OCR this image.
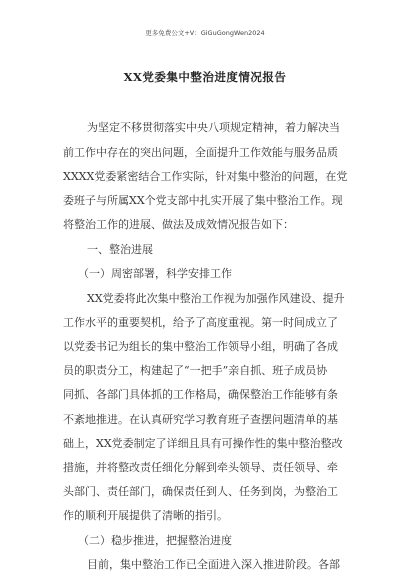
更多免费公文+V：GiGuGongWen2024
XX党委集中整治进度情况报告
为坚定不移贯彻落实中央八项规定精神，着力解决当
前工作中存在的突出问题，全面提升工作效能与服务品质
XXXX党委紧密结合工作实际，针对集中整治的问题，在党
委班子与所属XX个党支部中扎实开展了集中整治工作。现
将整治工作的进展、做法及成效情况报告如下：
一、整治进展
（一）周密部署，科学安排工作
XX党委将此次集中整治工作视为加强作风建设、提升
工作水平的重要契机，给予了高度重视。第一时间成立了
以党委书记为组长的集中整治工作领导小组，明确了各成
员的职责分工，构建起了“一把手”亲自抓、班子成员协
同抓、各部门具体抓的工作格局，确保整治工作能够有条
不紊地推进。在认真研究学习教育班子查摆问题清单的基
础上，XX党委制定了详细且具有可操作性的集中整治整改
措施，并将整改责任细化分解到牵头领导、责任领导、牵
头部门、责任部门，确保责任到人、任务到岗，为整治工
作的顺利开展提供了清晰的指引。
（二）稳步推进，把握整治进度
目前，集中整治工作已全面进入深入推进阶段。各部
